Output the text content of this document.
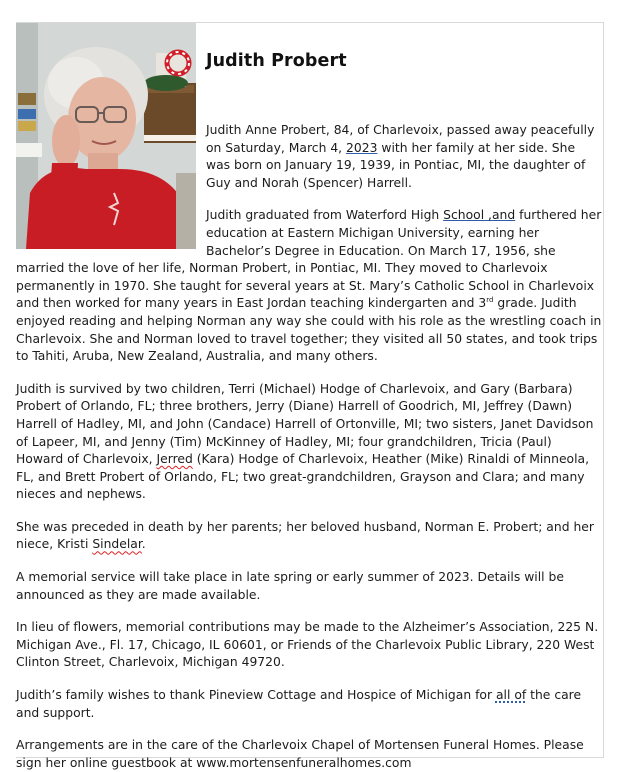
Judith Probert

Judith Anne Probert, 84, of Charlevoix, passed away peacefully on Saturday, March 4, 2023 with her family at her side. She was born on January 19, 1939, in Pontiac, MI, the daughter of Guy and Norah (Spencer) Harrell.

Judith graduated from Waterford High School ,and furthered her education at Eastern Michigan University, earning her Bachelor’s Degree in Education. On March 17, 1956, she married the love of her life, Norman Probert, in Pontiac, MI. They moved to Charlevoix permanently in 1970. She taught for several years at St. Mary’s Catholic School in Charlevoix and then worked for many years in East Jordan teaching kindergarten and 3rd grade. Judith enjoyed reading and helping Norman any way she could with his role as the wrestling coach in Charlevoix. She and Norman loved to travel together; they visited all 50 states, and took trips to Tahiti, Aruba, New Zealand, Australia, and many others.

Judith is survived by two children, Terri (Michael) Hodge of Charlevoix, and Gary (Barbara) Probert of Orlando, FL; three brothers, Jerry (Diane) Harrell of Goodrich, MI, Jeffrey (Dawn) Harrell of Hadley, MI, and John (Candace) Harrell of Ortonville, MI; two sisters, Janet Davidson of Lapeer, MI, and Jenny (Tim) McKinney of Hadley, MI; four grandchildren, Tricia (Paul) Howard of Charlevoix, Jerred (Kara) Hodge of Charlevoix, Heather (Mike) Rinaldi of Minneola, FL, and Brett Probert of Orlando, FL; two great-grandchildren, Grayson and Clara; and many nieces and nephews.

She was preceded in death by her parents; her beloved husband, Norman E. Probert; and her niece, Kristi Sindelar.

A memorial service will take place in late spring or early summer of 2023. Details will be announced as they are made available.

In lieu of flowers, memorial contributions may be made to the Alzheimer’s Association, 225 N. Michigan Ave., Fl. 17, Chicago, IL 60601, or Friends of the Charlevoix Public Library, 220 West Clinton Street, Charlevoix, Michigan 49720.

Judith’s family wishes to thank Pineview Cottage and Hospice of Michigan for all of the care and support.

Arrangements are in the care of the Charlevoix Chapel of Mortensen Funeral Homes. Please sign her online guestbook at www.mortensenfuneralhomes.com
